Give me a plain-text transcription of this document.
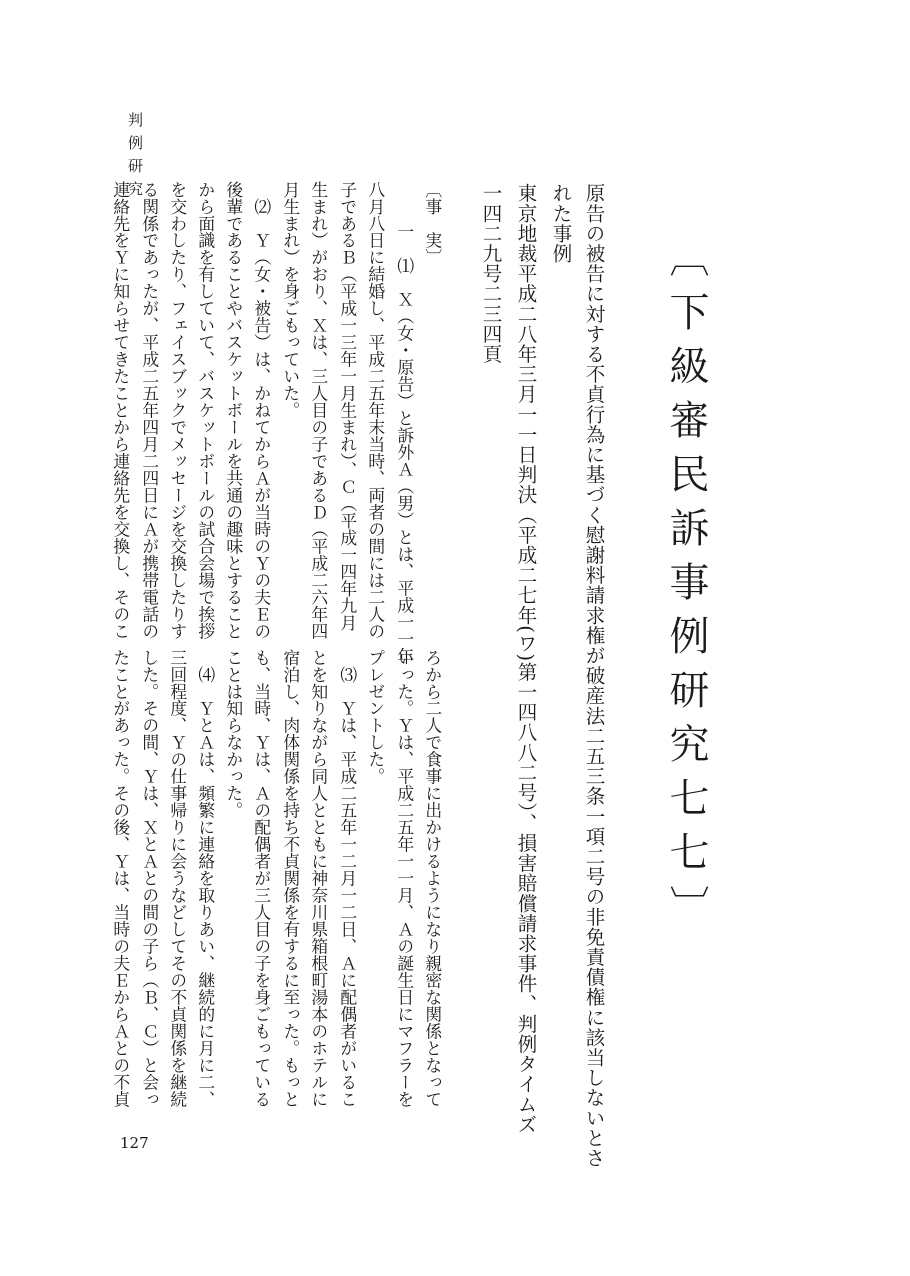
判例研究
〔下級審民訴事例研究七七〕
原告の被告に対する不貞行為に基づく慰謝料請求権が破産法二五三条一項二号の非免責債権に該当しないとさ
れた事例
東京地裁平成二八年三月一一日判決（平成二七年(ワ)第一四八八二号）、損害賠償請求事件、判例タイムズ
一四二九号二三四頁
〔事　実〕
一　⑴　Ｘ（女・原告）と訴外Ａ（男）とは、平成一一年
八月八日に結婚し、平成二五年末当時、両者の間には二人の
子であるＢ（平成一三年一月生まれ）、Ｃ（平成一四年九月
生まれ）がおり、Ｘは、三人目の子であるＤ（平成二六年四
月生まれ）を身ごもっていた。
⑵　Ｙ（女・被告）は、かねてからＡが当時のＹの夫Ｅの
後輩であることやバスケットボールを共通の趣味とすること
から面識を有していて、バスケットボールの試合会場で挨拶
を交わしたり、フェイスブックでメッセージを交換したりす
る関係であったが、平成二五年四月二四日にＡが携帯電話の
連絡先をＹに知らせてきたことから連絡先を交換し、そのこ
ろから二人で食事に出かけるようになり親密な関係となって
いった。Ｙは、平成二五年一一月、Ａの誕生日にマフラーを
プレゼントした。
⑶　Ｙは、平成二五年一二月一二日、Ａに配偶者がいるこ
とを知りながら同人とともに神奈川県箱根町湯本のホテルに
宿泊し、肉体関係を持ち不貞関係を有するに至った。もっと
も、当時、Ｙは、Ａの配偶者が三人目の子を身ごもっている
ことは知らなかった。
⑷　ＹとＡは、頻繁に連絡を取りあい、継続的に月に二、
三回程度、Ｙの仕事帰りに会うなどしてその不貞関係を継続
した。その間、Ｙは、ＸとＡとの間の子ら（Ｂ、Ｃ）と会っ
たことがあった。その後、Ｙは、当時の夫ＥからＡとの不貞
127
